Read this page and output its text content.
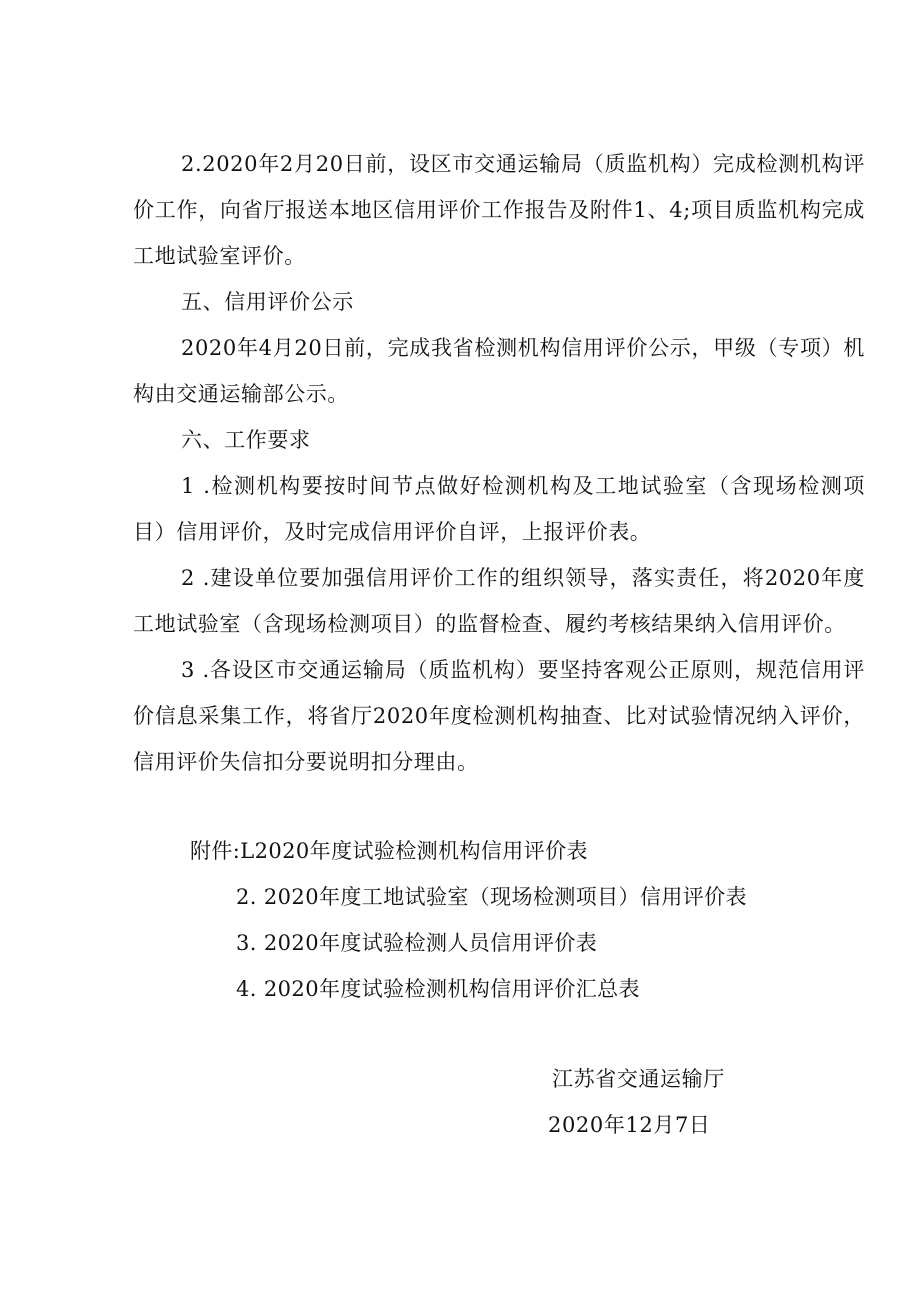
2.2020年2月20日前，设区市交通运输局（质监机构）完成检测机构评价工作，向省厅报送本地区信用评价工作报告及附件1、4;项目质监机构完成工地试验室评价。

五、信用评价公示

2020年4月20日前，完成我省检测机构信用评价公示，甲级（专项）机构由交通运输部公示。

六、工作要求

1 .检测机构要按时间节点做好检测机构及工地试验室（含现场检测项目）信用评价，及时完成信用评价自评，上报评价表。

2 .建设单位要加强信用评价工作的组织领导，落实责任，将2020年度工地试验室（含现场检测项目）的监督检查、履约考核结果纳入信用评价。

3 .各设区市交通运输局（质监机构）要坚持客观公正原则，规范信用评价信息采集工作，将省厅2020年度检测机构抽查、比对试验情况纳入评价，信用评价失信扣分要说明扣分理由。

附件:L2020年度试验检测机构信用评价表
2. 2020年度工地试验室（现场检测项目）信用评价表
3. 2020年度试验检测人员信用评价表
4. 2020年度试验检测机构信用评价汇总表
江苏省交通运输厅
2020年12月7日
